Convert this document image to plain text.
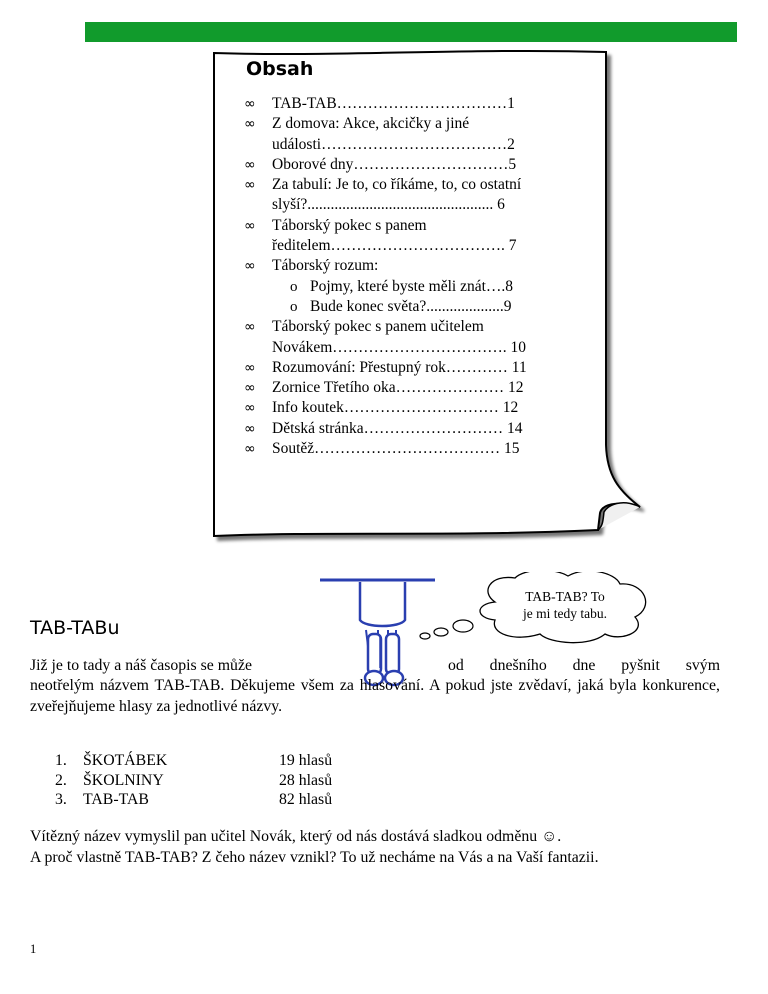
Obsah
∞ TAB-TAB……………………………1
∞ Z domova: Akce, akcičky a jiné události………………………………2
∞ Oborové dny…………………………5
∞ Za tabulí: Je to, co říkáme, to, co ostatní slyší?................................................ 6
∞ Táborský pokec s panem ředitelem……………………………. 7
∞ Táborský rozum:
o Pojmy, které byste měli znát….8
o Bude konec světa?....................9
∞ Táborský pokec s panem učitelem Novákem……………………………. 10
∞ Rozumování: Přestupný rok………… 11
∞ Zornice Třetího oka………………… 12
∞ Info koutek………………………… 12
∞ Dětská stránka……………………… 14
∞ Soutěž……………………………… 15
TAB-TAB? To
je mi tedy tabu.
TAB-TABu

Již je to tady a náš časopis se může	od dnešního dne pyšnit svým

neotřelým názvem TAB-TAB. Děkujeme všem za hlasování. A pokud jste zvědaví, jaká byla konkurence, zveřejňujeme hlasy za jednotlivé názvy.

1. ŠKOTÁBEK	19 hlasů
2. ŠKOLNINY	28 hlasů
3. TAB-TAB	82 hlasů
Vítězný název vymyslil pan učitel Novák, který od nás dostává sladkou odměnu ☺.
A proč vlastně TAB-TAB? Z čeho název vznikl? To už necháme na Vás a na Vaší fantazii.
1
